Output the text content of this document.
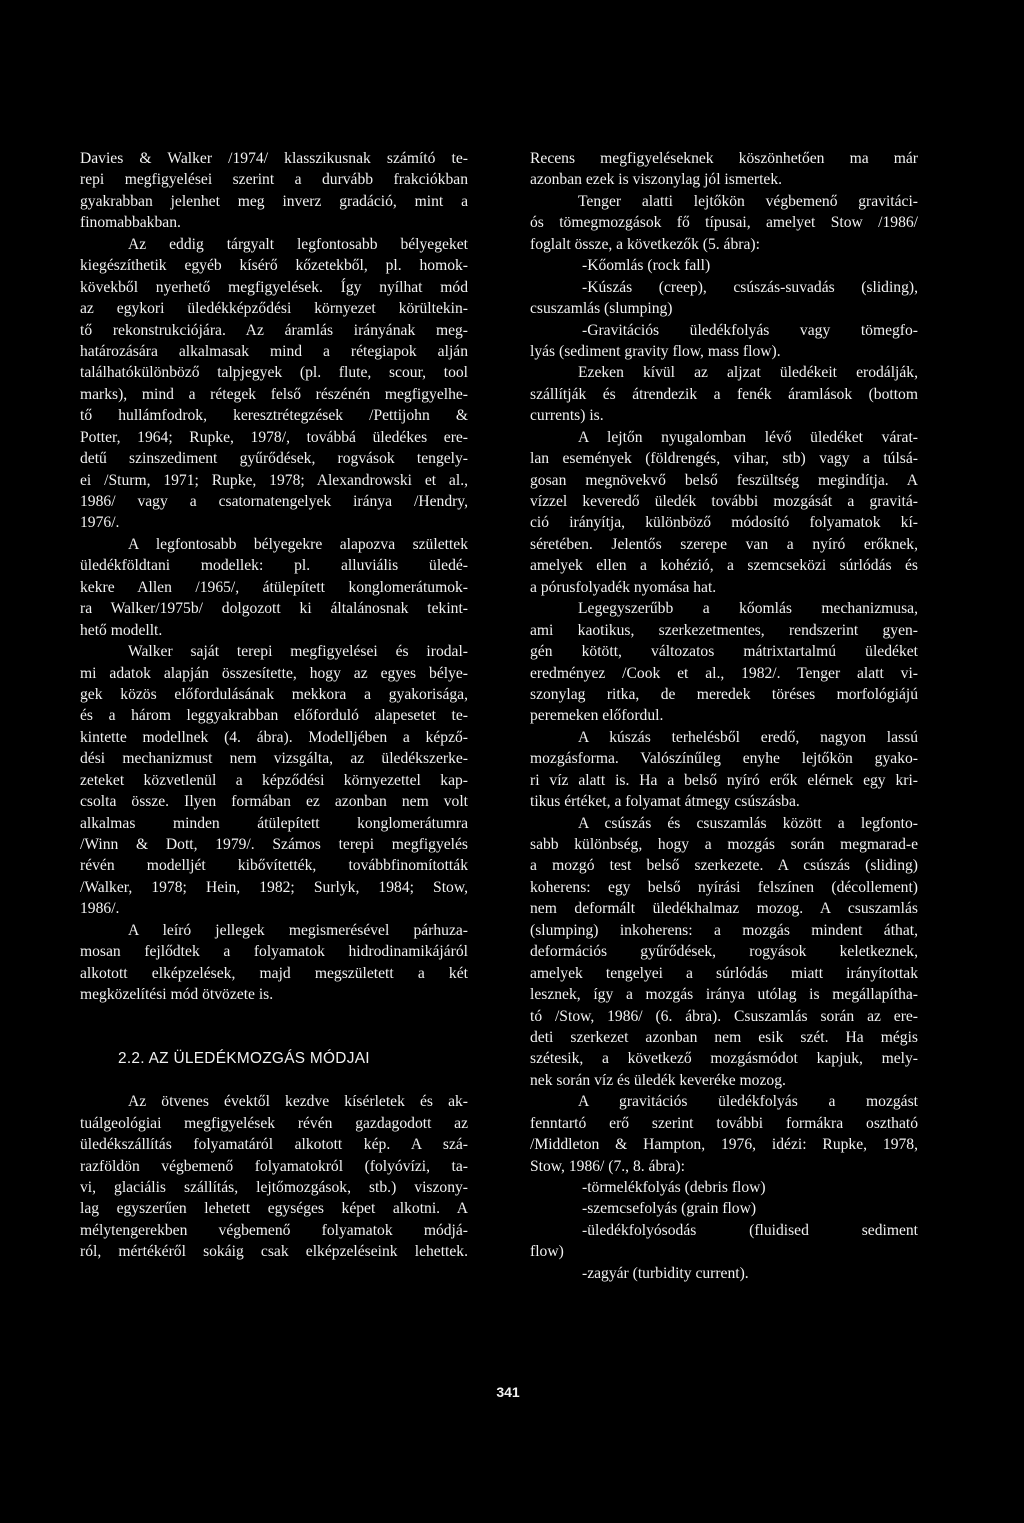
Davies & Walker /1974/ klasszikusnak számító te-
repi megfigyelései szerint a durvább frakciókban
gyakrabban jelenhet meg inverz gradáció, mint a
finomabbakban.
Az eddig tárgyalt legfontosabb bélyegeket
kiegészíthetik egyéb kísérő kőzetekből, pl. homok-
kövekből nyerhető megfigyelések. Így nyílhat mód
az egykori üledékképződési környezet körültekin-
tő rekonstrukciójára. Az áramlás irányának meg-
határozására alkalmasak mind a rétegiapok alján
találhatókülönböző talpjegyek (pl. flute, scour, tool
marks), mind a rétegek felső részénén megfigyelhe-
tő hullámfodrok, keresztrétegzések /Pettijohn &
Potter, 1964; Rupke, 1978/, továbbá üledékes ere-
detű szinszediment gyűrődések, rogvások tengely-
ei /Sturm, 1971; Rupke, 1978; Alexandrowski et al.,
1986/ vagy a csatornatengelyek iránya /Hendry,
1976/.
A legfontosabb bélyegekre alapozva születtek
üledékföldtani modellek: pl. alluviális üledé-
kekre Allen /1965/, átülepített konglomerátumok-
ra Walker/1975b/ dolgozott ki általánosnak tekint-
hető modellt.
Walker saját terepi megfigyelései és irodal-
mi adatok alapján összesítette, hogy az egyes bélye-
gek közös előfordulásának mekkora a gyakorisága,
és a három leggyakrabban előforduló alapesetet te-
kintette modellnek (4. ábra). Modelljében a képző-
dési mechanizmust nem vizsgálta, az üledékszerke-
zeteket közvetlenül a képződési környezettel kap-
csolta össze. Ilyen formában ez azonban nem volt
alkalmas minden átülepített konglomerátumra
/Winn & Dott, 1979/. Számos terepi megfigyelés
révén modelljét kibővítették, továbbfinomították
/Walker, 1978; Hein, 1982; Surlyk, 1984; Stow,
1986/.
A leíró jellegek megismerésével párhuza-
mosan fejlődtek a folyamatok hidrodinamikájáról
alkotott elképzelések, majd megszületett a két
megközelítési mód ötvözete is.
2.2. AZ ÜLEDÉKMOZGÁS MÓDJAI
Az ötvenes évektől kezdve kísérletek és ak-
tuálgeológiai megfigyelések révén gazdagodott az
üledékszállítás folyamatáról alkotott kép. A szá-
razföldön végbemenő folyamatokról (folyóvízi, ta-
vi, glaciális szállítás, lejtőmozgások, stb.) viszony-
lag egyszerűen lehetett egységes képet alkotni. A
mélytengerekben végbemenő folyamatok módjá-
ról, mértékéről sokáig csak elképzeléseink lehettek.
Recens megfigyeléseknek köszönhetően ma már
azonban ezek is viszonylag jól ismertek.
Tenger alatti lejtőkön végbemenő gravitáci-
ós tömegmozgások fő típusai, amelyet Stow /1986/
foglalt össze, a következők (5. ábra):
-Kőomlás (rock fall)
-Kúszás (creep), csúszás-suvadás (sliding),
csuszamlás (slumping)
-Gravitációs üledékfolyás vagy tömegfo-
lyás (sediment gravity flow, mass flow).
Ezeken kívül az aljzat üledékeit erodálják,
szállítják és átrendezik a fenék áramlások (bottom
currents) is.
A lejtőn nyugalomban lévő üledéket várat-
lan események (földrengés, vihar, stb) vagy a túlsá-
gosan megnövekvő belső feszültség megindítja. A
vízzel keveredő üledék további mozgását a gravitá-
ció irányítja, különböző módosító folyamatok kí-
séretében. Jelentős szerepe van a nyíró erőknek,
amelyek ellen a kohézió, a szemcseközi súrlódás és
a pórusfolyadék nyomása hat.
Legegyszerűbb a kőomlás mechanizmusa,
ami kaotikus, szerkezetmentes, rendszerint gyen-
gén kötött, változatos mátrixtartalmú üledéket
eredményez /Cook et al., 1982/. Tenger alatt vi-
szonylag ritka, de meredek töréses morfológiájú
peremeken előfordul.
A kúszás terhelésből eredő, nagyon lassú
mozgásforma. Valószínűleg enyhe lejtőkön gyako-
ri víz alatt is. Ha a belső nyíró erők elérnek egy kri-
tikus értéket, a folyamat átmegy csúszásba.
A csúszás és csuszamlás között a legfonto-
sabb különbség, hogy a mozgás során megmarad-e
a mozgó test belső szerkezete. A csúszás (sliding)
koherens: egy belső nyírási felszínen (décollement)
nem deformált üledékhalmaz mozog. A csuszamlás
(slumping) inkoherens: a mozgás mindent áthat,
deformációs gyűrődések, rogyások keletkeznek,
amelyek tengelyei a súrlódás miatt irányítottak
lesznek, így a mozgás iránya utólag is megállapítha-
tó /Stow, 1986/ (6. ábra). Csuszamlás során az ere-
deti szerkezet azonban nem esik szét. Ha mégis
szétesik, a következő mozgásmódot kapjuk, mely-
nek során víz és üledék keveréke mozog.
A gravitációs üledékfolyás a mozgást
fenntartó erő szerint további formákra osztható
/Middleton & Hampton, 1976, idézi: Rupke, 1978,
Stow, 1986/ (7., 8. ábra):
-törmelékfolyás (debris flow)
-szemcsefolyás (grain flow)
-üledékfolyósodás (fluidised sediment
flow)
-zagyár (turbidity current).
341
